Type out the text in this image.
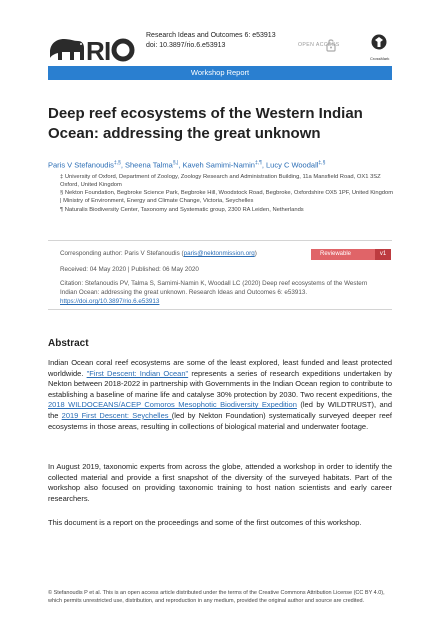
R I
Research Ideas and Outcomes 6: e53913
doi: 10.3897/rio.6.e53913	OPEN ACCESS
CrossMark
Workshop Report
Deep reef ecosystems of the Western Indian Ocean: addressing the great unknown
Paris V Stefanoudis‡,§, Sheena Talma§,|, Kaveh Samimi-Namin‡,¶, Lucy C Woodall‡,§
‡ University of Oxford, Department of Zoology, Zoology Research and Administration Building, 11a Mansfield Road, OX1 3SZ Oxford, United Kingdom
§ Nekton Foundation, Begbroke Science Park, Begbroke Hill, Woodstock Road, Begbroke, Oxfordshire OX5 1PF, United Kingdom
| Ministry of Environment, Energy and Climate Change, Victoria, Seychelles
¶ Naturalis Biodiversity Center, Taxonomy and Systematic group, 2300 RA Leiden, Netherlands
Corresponding author: Paris V Stefanoudis (paris@nektonmission.org)	Reviewable	v1
Received: 04 May 2020 | Published: 06 May 2020
Citation: Stefanoudis PV, Talma S, Samimi-Namin K, Woodall LC (2020) Deep reef ecosystems of the Western Indian Ocean: addressing the great unknown. Research Ideas and Outcomes 6: e53913. https://doi.org/10.3897/rio.6.e53913
Abstract
Indian Ocean coral reef ecosystems are some of the least explored, least funded and least protected worldwide. "First Descent: Indian Ocean" represents a series of research expeditions undertaken by Nekton between 2018-2022 in partnership with Governments in the Indian Ocean region to contribute to establishing a baseline of marine life and catalyse 30% protection by 2030. Two recent expeditions, the 2018 WILDOCEANS/ACEP Comoros Mesophotic Biodiversity Expedition (led by WILDTRUST), and the 2019 First Descent: Seychelles (led by Nekton Foundation) systematically surveyed deeper reef ecosystems in those areas, resulting in collections of biological material and underwater footage.
In August 2019, taxonomic experts from across the globe, attended a workshop in order to identify the collected material and provide a first snapshot of the diversity of the surveyed habitats. Part of the workshop also focused on providing taxonomic training to host nation scientists and early career researchers.
This document is a report on the proceedings and some of the first outcomes of this workshop.
© Stefanoudis P et al. This is an open access article distributed under the terms of the Creative Commons Attribution License (CC BY 4.0), which permits unrestricted use, distribution, and reproduction in any medium, provided the original author and source are credited.
